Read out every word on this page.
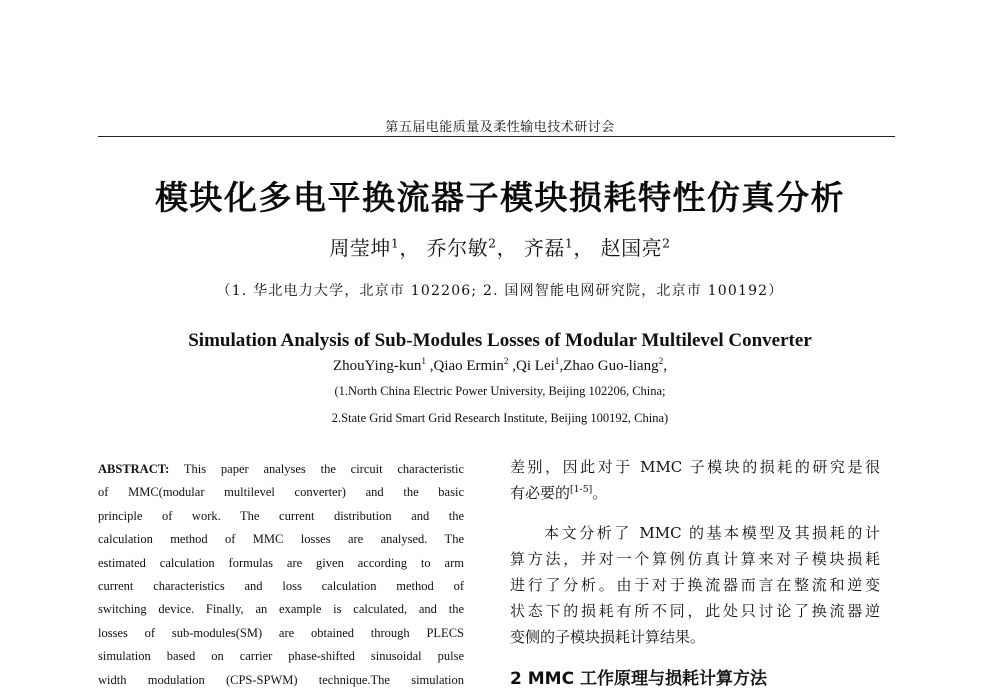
第五届电能质量及柔性输电技术研讨会
模块化多电平换流器子模块损耗特性仿真分析
周莹坤$^1$， 乔尔敏$^2$， 齐磊$^1$， 赵国亮$^2$
（1. 华北电力大学，北京市 102206; 2. 国网智能电网研究院，北京市 100192）
Simulation Analysis of Sub-Modules Losses of Modular Multilevel Converter
ZhouYing-kun$^1$ ,Qiao Ermin$^2$ ,Qi Lei$^1$,Zhao Guo-liang$^2$,
(1.North China Electric Power University, Beijing 102206, China;
2.State Grid Smart Grid Research Institute, Beijing 100192, China)
ABSTRACT: This paper analyses the circuit characteristic
of MMC(modular multilevel converter) and the basic
principle of work. The current distribution and the
calculation method of MMC losses are analysed. The
estimated calculation formulas are given according to arm
current characteristics and loss calculation method of
switching device. Finally, an example is calculated, and the
losses of sub-modules(SM) are obtained through PLECS
simulation based on carrier phase-shifted sinusoidal pulse
width modulation (CPS-SPWM) technique.The simulation
差别，因此对于 MMC 子模块的损耗的研究是很
有必要的[1-5]。
本文分析了 MMC 的基本模型及其损耗的计
算方法，并对一个算例仿真计算来对子模块损耗
进行了分析。由于对于换流器而言在整流和逆变
状态下的损耗有所不同，此处只讨论了换流器逆
变侧的子模块损耗计算结果。
2 MMC 工作原理与损耗计算方法
